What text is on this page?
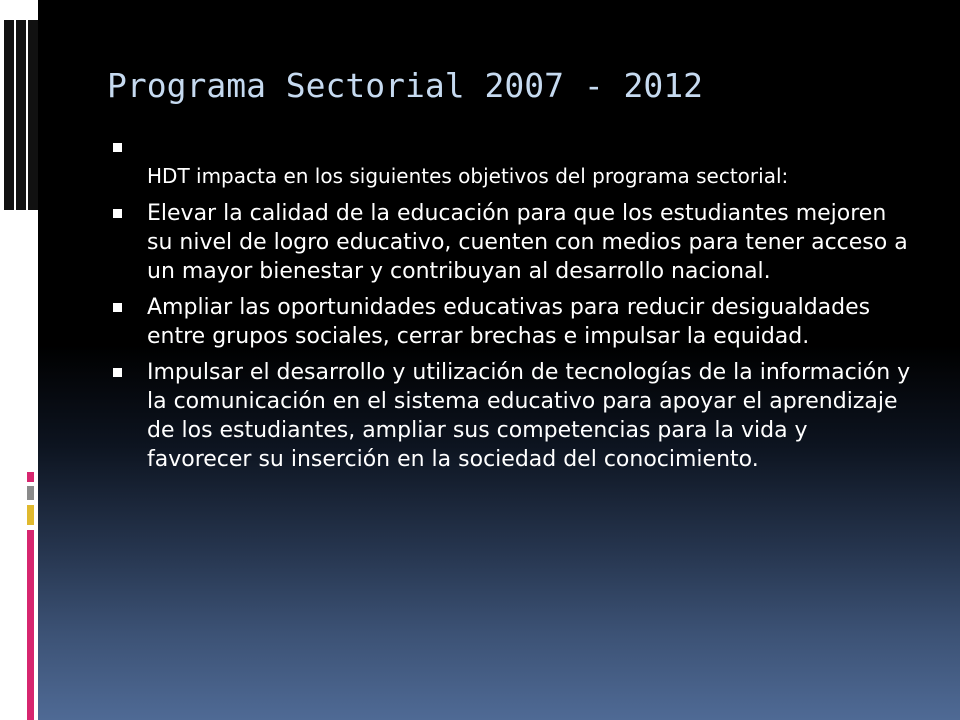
Programa Sectorial 2007 - 2012
HDT impacta en los siguientes objetivos del programa sectorial:
Elevar la calidad de la educación para que los estudiantes mejoren su nivel de logro educativo, cuenten con medios para tener acceso a un mayor bienestar y contribuyan al desarrollo nacional.
Ampliar las oportunidades educativas para reducir desigualdades entre grupos sociales, cerrar brechas e impulsar la equidad.
Impulsar el desarrollo y utilización de tecnologías de la información y la comunicación en el sistema educativo para apoyar el aprendizaje de los estudiantes, ampliar sus competencias para la vida y favorecer su inserción en la sociedad del conocimiento.
